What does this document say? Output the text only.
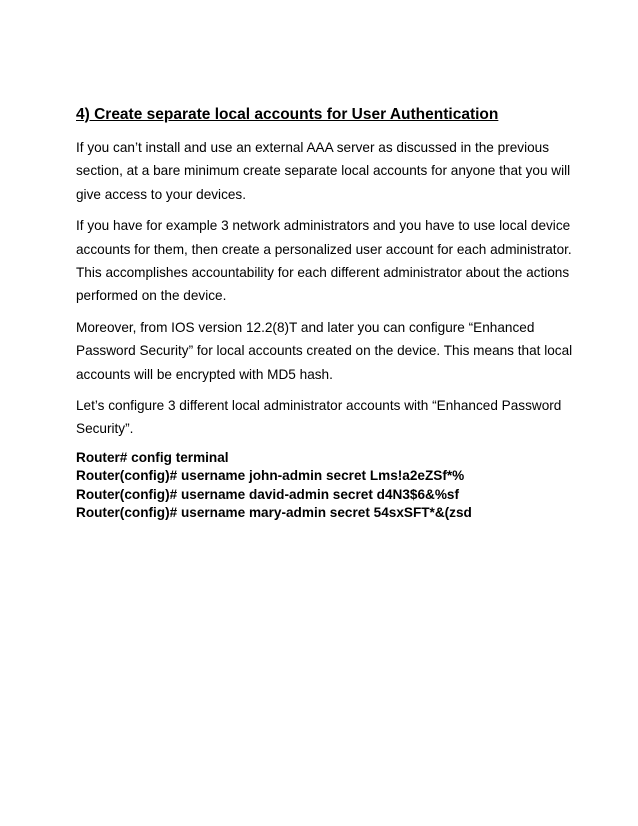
4) Create separate local accounts for User Authentication

If you can’t install and use an external AAA server as discussed in the previous section, at a bare minimum create separate local accounts for anyone that you will give access to your devices.

If you have for example 3 network administrators and you have to use local device accounts for them, then create a personalized user account for each administrator. This accomplishes accountability for each different administrator about the actions performed on the device.

Moreover, from IOS version 12.2(8)T and later you can configure “Enhanced Password Security” for local accounts created on the device. This means that local accounts will be encrypted with MD5 hash.

Let’s configure 3 different local administrator accounts with “Enhanced Password Security”.

Router# config terminal
Router(config)# username john-admin secret Lms!a2eZSf*%
Router(config)# username david-admin secret d4N3$6&%sf
Router(config)# username mary-admin secret 54sxSFT*&(zsd
